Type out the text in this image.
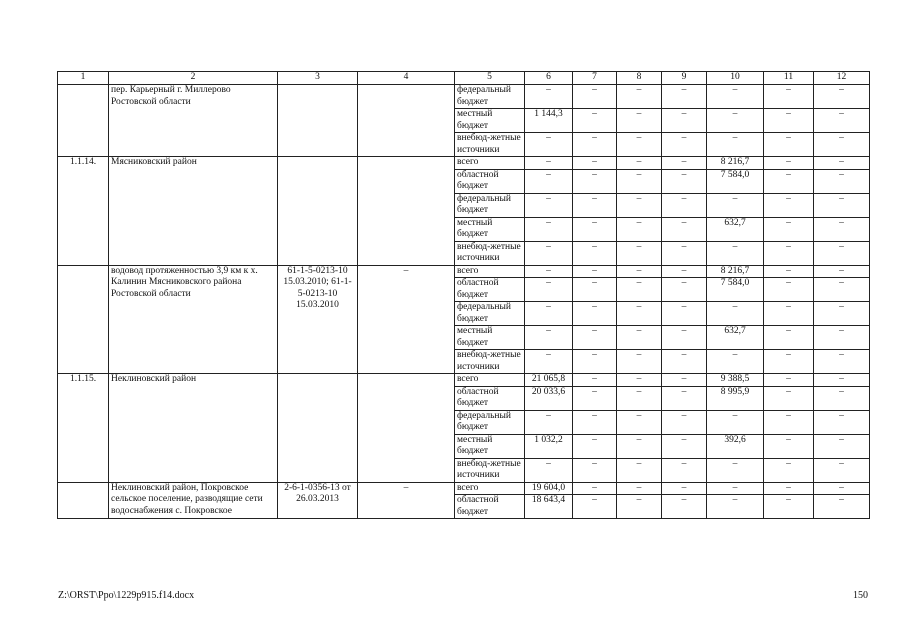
1	2	3	4	5	6	7	8	9	10	11	12
	пер. Карьерный г. Миллерово Ростовской области			федеральный бюджет	–	–	–	–	–	–	–
				местный бюджет	1 144,3	–	–	–	–	–	–
				внебюд-жетные источники	–	–	–	–	–	–	–
1.1.14.	Мясниковский район			всего	–	–	–	–	8 216,7	–	–
				областной бюджет	–	–	–	–	7 584,0	–	–
				федеральный бюджет	–	–	–	–	–	–	–
				местный бюджет	–	–	–	–	632,7	–	–
				внебюд-жетные источники	–	–	–	–	–	–	–
	водовод протяженностью 3,9 км к х. Калинин Мясниковского района Ростовской области	61-1-5-0213-10 15.03.2010; 61-1-5-0213-10 15.03.2010	–	всего	–	–	–	–	8 216,7	–	–
				областной бюджет	–	–	–	–	7 584,0	–	–
				федеральный бюджет	–	–	–	–	–	–	–
				местный бюджет	–	–	–	–	632,7	–	–
				внебюд-жетные источники	–	–	–	–	–	–	–
1.1.15.	Неклиновский район			всего	21 065,8	–	–	–	9 388,5	–	–
				областной бюджет	20 033,6	–	–	–	8 995,9	–	–
				федеральный бюджет	–	–	–	–	–	–	–
				местный бюджет	1 032,2	–	–	–	392,6	–	–
				внебюд-жетные источники	–	–	–	–	–	–	–
	Неклиновский район, Покровское сельское поселение, разводящие сети водоснабжения с. Покровское	2-6-1-0356-13 от 26.03.2013	–	всего	19 604,0	–	–	–	–	–	–
				областной бюджет	18 643,4	–	–	–	–	–	–
Z:\ORST\Ppo\1229p915.f14.docx	150
